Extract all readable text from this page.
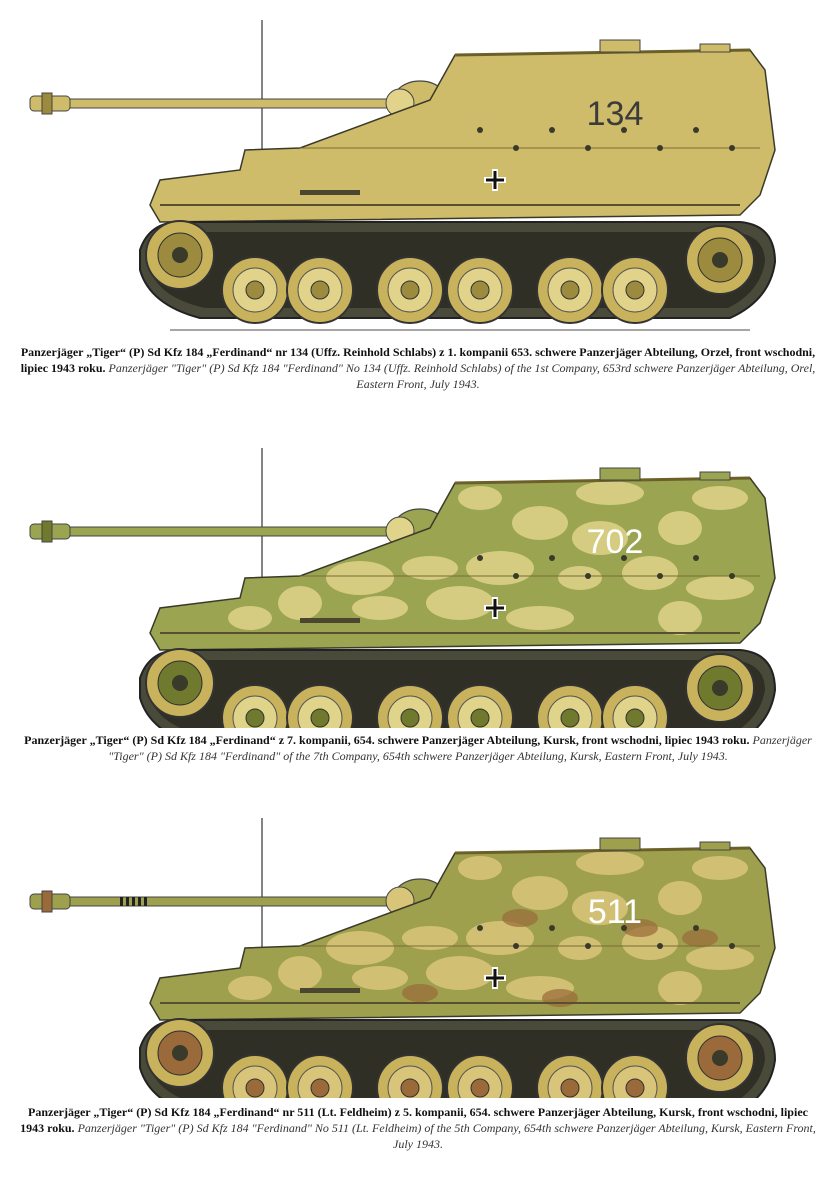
134
Panzerjäger „Tiger“ (P) Sd Kfz 184 „Ferdinand“ nr 134 (Uffz. Reinhold Schlabs) z 1. kompanii 653. schwere Panzerjäger Abteilung, Orzeł, front wschodni, lipiec 1943 roku. Panzerjäger "Tiger" (P) Sd Kfz 184 "Ferdinand" No 134 (Uffz. Reinhold Schlabs) of the 1st Company, 653rd schwere Panzerjäger Abteilung, Orel, Eastern Front, July 1943.
702
Panzerjäger „Tiger“ (P) Sd Kfz 184 „Ferdinand“ z 7. kompanii, 654. schwere Panzerjäger Abteilung, Kursk, front wschodni, lipiec 1943 roku. Panzerjäger "Tiger" (P) Sd Kfz 184 "Ferdinand" of the 7th Company, 654th schwere Panzerjäger Abteilung, Kursk, Eastern Front, July 1943.
511
Panzerjäger „Tiger“ (P) Sd Kfz 184 „Ferdinand“ nr 511 (Lt. Feldheim) z 5. kompanii, 654. schwere Panzerjäger Abteilung, Kursk, front wschodni, lipiec 1943 roku. Panzerjäger "Tiger" (P) Sd Kfz 184 "Ferdinand" No 511 (Lt. Feldheim) of the 5th Company, 654th schwere Panzerjäger Abteilung, Kursk, Eastern Front, July 1943.
